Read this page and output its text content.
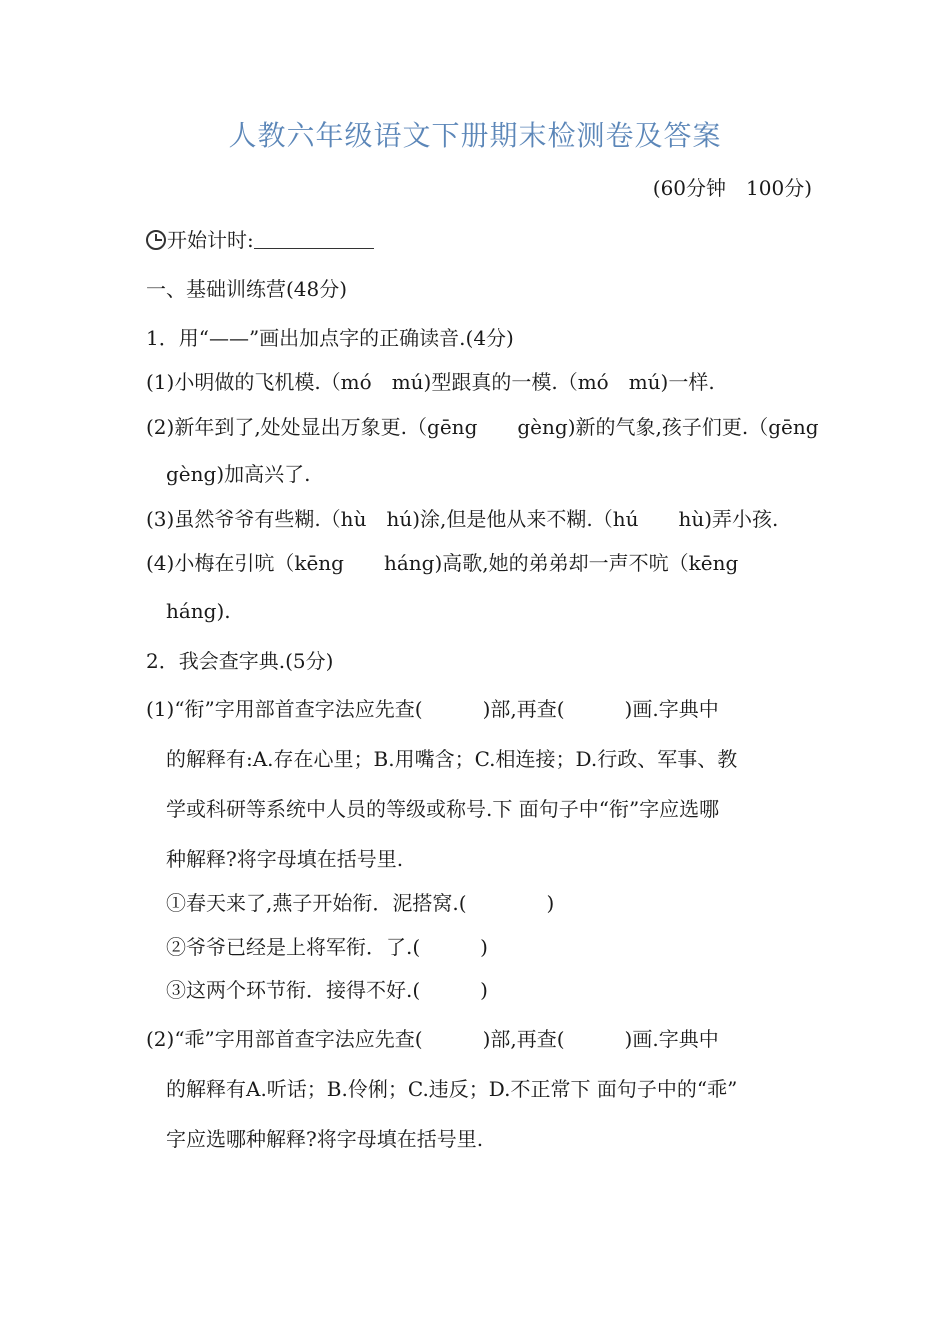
人教六年级语文下册期末检测卷及答案
(60分钟　100分)
开始计时:
一、基础训练营(48分)
1．用“——”画出加点字的正确读音.(4分)
(1)小明做的飞机模.（mó　mú)型跟真的一模.（mó　mú)一样.
(2)新年到了,处处显出万象更.（gēng　　gèng)新的气象,孩子们更.（gēng
gèng)加高兴了.
(3)虽然爷爷有些糊.（hù　hú)涂,但是他从来不糊.（hú　　hù)弄小孩.
(4)小梅在引吭（kēng　　háng)高歌,她的弟弟却一声不吭（kēng
háng).
2．我会查字典.(5分)
(1)“衔”字用部首查字法应先查(　　　)部,再查(　　　)画.字典中
的解释有:A.存在心里；B.用嘴含；C.相连接；D.行政、军事、教
学或科研等系统中人员的等级或称号.下 面句子中“衔”字应选哪
种解释?将字母填在括号里.
①春天来了,燕子开始衔．泥搭窝.(　　　　)
②爷爷已经是上将军衔．了.(　　　)
③这两个环节衔．接得不好.(　　　)
(2)“乖”字用部首查字法应先查(　　　)部,再查(　　　)画.字典中
的解释有A.听话；B.伶俐；C.违反；D.不正常下 面句子中的“乖”
字应选哪种解释?将字母填在括号里.
